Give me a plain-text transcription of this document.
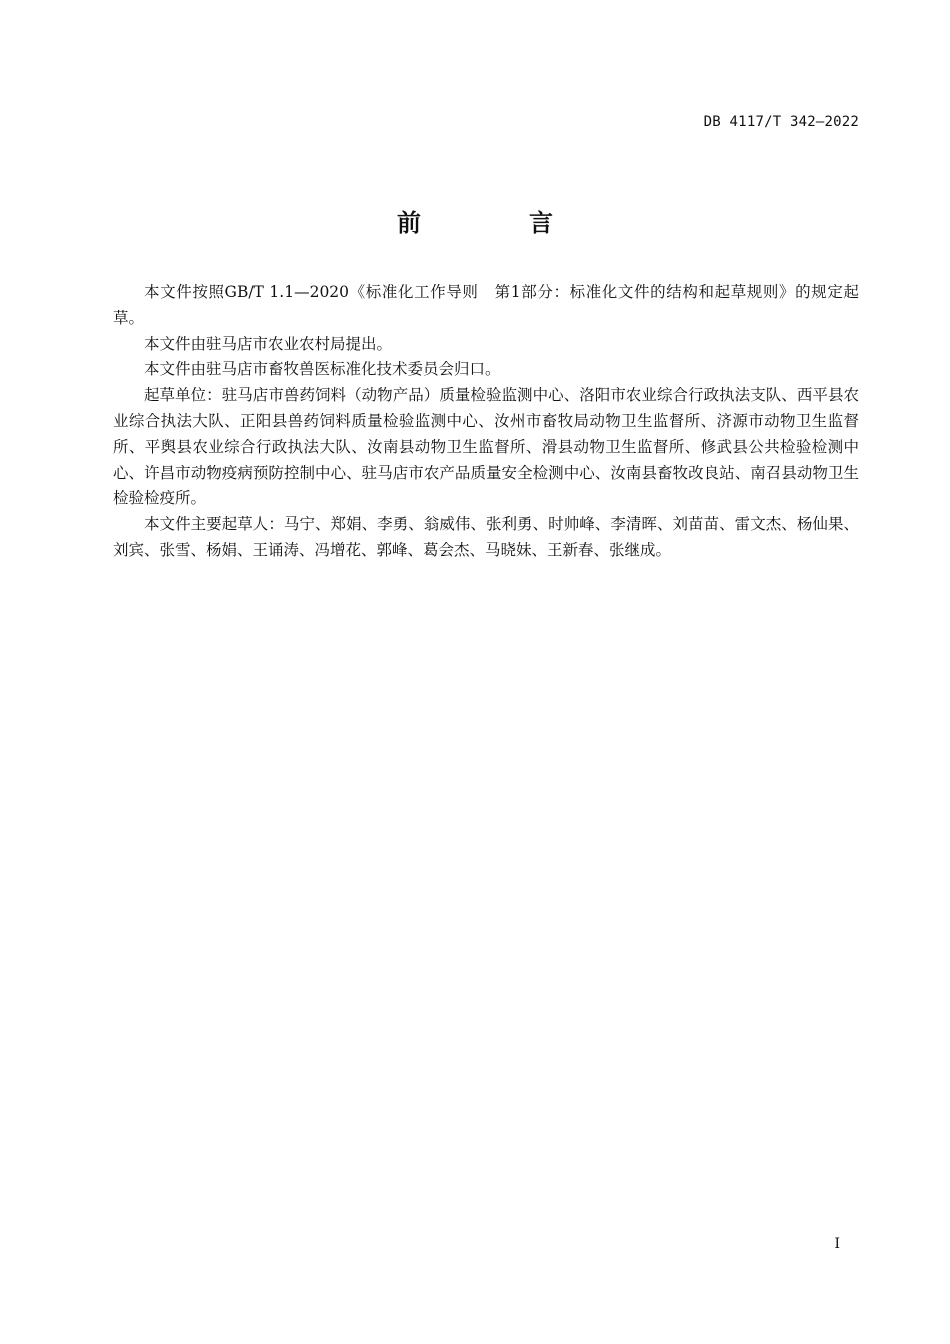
DB 4117/T 342—2022
前　言

本文件按照GB/T 1.1—2020《标准化工作导则　第1部分：标准化文件的结构和起草规则》的规定起草。

本文件由驻马店市农业农村局提出。

本文件由驻马店市畜牧兽医标准化技术委员会归口。

起草单位：驻马店市兽药饲料（动物产品）质量检验监测中心、洛阳市农业综合行政执法支队、西平县农业综合执法大队、正阳县兽药饲料质量检验监测中心、汝州市畜牧局动物卫生监督所、济源市动物卫生监督所、平舆县农业综合行政执法大队、汝南县动物卫生监督所、滑县动物卫生监督所、修武县公共检验检测中心、许昌市动物疫病预防控制中心、驻马店市农产品质量安全检测中心、汝南县畜牧改良站、南召县动物卫生检验检疫所。

本文件主要起草人：马宁、郑娟、李勇、翁威伟、张利勇、时帅峰、李清晖、刘苗苗、雷文杰、杨仙果、刘宾、张雪、杨娟、王诵涛、冯增花、郭峰、葛会杰、马晓妹、王新春、张继成。

I
